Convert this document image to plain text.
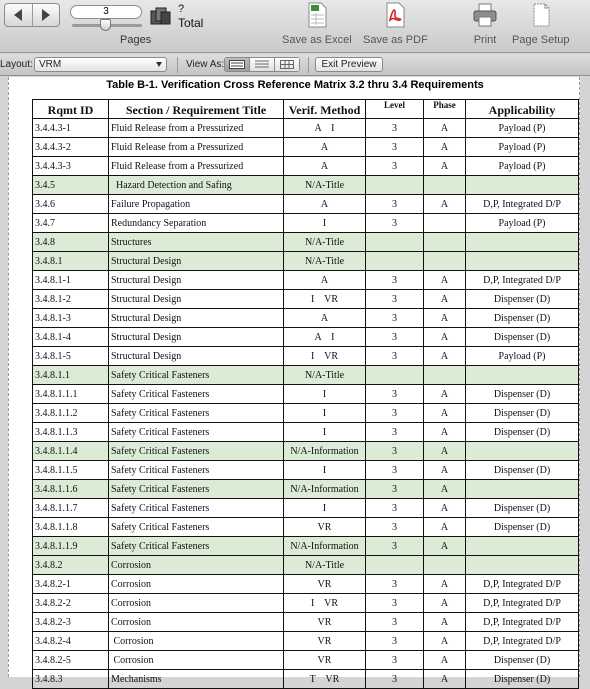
3
Pages
?
Total
Save as Excel Save as PDF	Print Page Setup
Layout: VRM	View As:	Exit Preview
Table B-1. Verification Cross Reference Matrix 3.2 thru 3.4 Requirements
Rqmt ID	Section / Requirement Title	Verif. Method	Level	Phase	Applicability
3.4.4.3-1	Fluid Release from a Pressurized	A    I	3	A	Payload (P)
3.4.4.3-2	Fluid Release from a Pressurized	A	3	A	Payload (P)
3.4.4.3-3	Fluid Release from a Pressurized	A	3	A	Payload (P)
3.4.5	Hazard Detection and Safing	N/A-Title			
3.4.6	Failure Propagation	A	3	A	D,P, Integrated D/P
3.4.7	Redundancy Separation	I	3		Payload (P)
3.4.8	Structures	N/A-Title			
3.4.8.1	Structural Design	N/A-Title			
3.4.8.1-1	Structural Design	A	3	A	D,P, Integrated D/P
3.4.8.1-2	Structural Design	I    VR	3	A	Dispenser (D)
3.4.8.1-3	Structural Design	A	3	A	Dispenser (D)
3.4.8.1-4	Structural Design	A    I	3	A	Dispenser (D)
3.4.8.1-5	Structural Design	I    VR	3	A	Payload (P)
3.4.8.1.1	Safety Critical Fasteners	N/A-Title			
3.4.8.1.1.1	Safety Critical Fasteners	I	3	A	Dispenser (D)
3.4.8.1.1.2	Safety Critical Fasteners	I	3	A	Dispenser (D)
3.4.8.1.1.3	Safety Critical Fasteners	I	3	A	Dispenser (D)
3.4.8.1.1.4	Safety Critical Fasteners	N/A-Information	3	A	
3.4.8.1.1.5	Safety Critical Fasteners	I	3	A	Dispenser (D)
3.4.8.1.1.6	Safety Critical Fasteners	N/A-Information	3	A	
3.4.8.1.1.7	Safety Critical Fasteners	I	3	A	Dispenser (D)
3.4.8.1.1.8	Safety Critical Fasteners	VR	3	A	Dispenser (D)
3.4.8.1.1.9	Safety Critical Fasteners	N/A-Information	3	A	
3.4.8.2	Corrosion	N/A-Title			
3.4.8.2-1	Corrosion	VR	3	A	D,P, Integrated D/P
3.4.8.2-2	Corrosion	I    VR	3	A	D,P, Integrated D/P
3.4.8.2-3	Corrosion	VR	3	A	D,P, Integrated D/P
3.4.8.2-4	Corrosion	VR	3	A	D,P, Integrated D/P
3.4.8.2-5	Corrosion	VR	3	A	Dispenser (D)
3.4.8.3	Mechanisms	T    VR	3	A	Dispenser (D)
